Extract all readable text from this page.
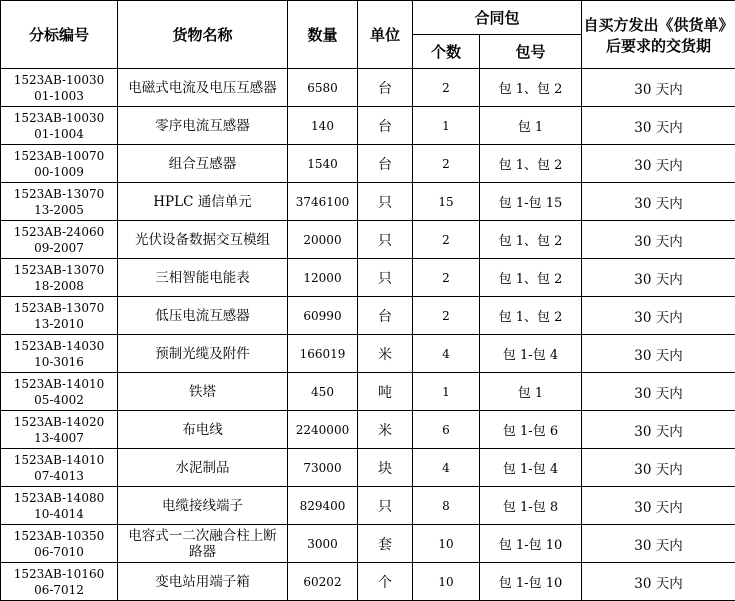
分标编号	货物名称	数量	单位	合同包		自买方发出《供货单》后要求的交货期
				个数	包号	
1523AB-1003001-1003	电磁式电流及电压互感器	6580	台	2	包 1、包 2	30 天内
1523AB-1003001-1004	零序电流互感器	140	台	1	包 1	30 天内
1523AB-1007000-1009	组合互感器	1540	台	2	包 1、包 2	30 天内
1523AB-1307013-2005	HPLC 通信单元	3746100	只	15	包 1-包 15	30 天内
1523AB-2406009-2007	光伏设备数据交互模组	20000	只	2	包 1、包 2	30 天内
1523AB-1307018-2008	三相智能电能表	12000	只	2	包 1、包 2	30 天内
1523AB-1307013-2010	低压电流互感器	60990	台	2	包 1、包 2	30 天内
1523AB-1403010-3016	预制光缆及附件	166019	米	4	包 1-包 4	30 天内
1523AB-1401005-4002	铁塔	450	吨	1	包 1	30 天内
1523AB-1402013-4007	布电线	2240000	米	6	包 1-包 6	30 天内
1523AB-1401007-4013	水泥制品	73000	块	4	包 1-包 4	30 天内
1523AB-1408010-4014	电缆接线端子	829400	只	8	包 1-包 8	30 天内
1523AB-1035006-7010	电容式一二次融合柱上断路器	3000	套	10	包 1-包 10	30 天内
1523AB-1016006-7012	变电站用端子箱	60202	个	10	包 1-包 10	30 天内
